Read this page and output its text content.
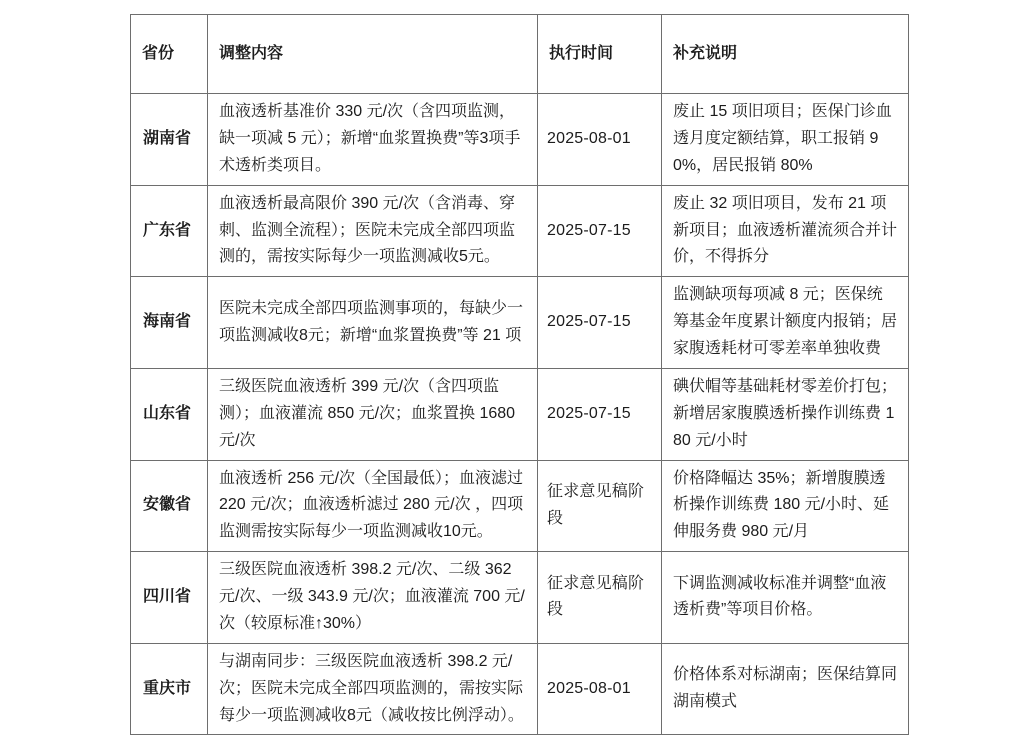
省份	调整内容	执行时间	补充说明
湖南省	血液透析基准价 330 元/次（含四项监测，缺一项减 5 元）；新增“血浆置换费”等3项手术透析类项目。	2025-08-01	废止 15 项旧项目；医保门诊血透月度定额结算，职工报销 90%，居民报销 80%
广东省	血液透析最高限价 390 元/次（含消毒、穿刺、监测全流程）；医院未完成全部四项监测的，需按实际每少一项监测减收5元。	2025-07-15	废止 32 项旧项目，发布 21 项新项目；血液透析灌流须合并计价，不得拆分
海南省	医院未完成全部四项监测事项的，每缺少一项监测减收8元；新增“血浆置换费”等 21 项	2025-07-15	监测缺项每项减 8 元；医保统筹基金年度累计额度内报销；居家腹透耗材可零差率单独收费
山东省	三级医院血液透析 399 元/次（含四项监测）；血液灌流 850 元/次；血浆置换 1680 元/次	2025-07-15	碘伏帽等基础耗材零差价打包；新增居家腹膜透析操作训练费 180 元/小时
安徽省	血液透析 256 元/次（全国最低）；血液滤过 220 元/次；血液透析滤过 280 元/次 ，四项监测需按实际每少一项监测减收10元。	征求意见稿阶段	价格降幅达 35%；新增腹膜透析操作训练费 180 元/小时、延伸服务费 980 元/月
四川省	三级医院血液透析 398.2 元/次、二级 362 元/次、一级 343.9 元/次；血液灌流 700 元/次（较原标准↑30%）	征求意见稿阶段	下调监测减收标准并调整“血液透析费”等项目价格。
重庆市	与湖南同步：三级医院血液透析 398.2 元/次；医院未完成全部四项监测的，需按实际每少一项监测减收8元（减收按比例浮动）。	2025-08-01	价格体系对标湖南；医保结算同湖南模式
